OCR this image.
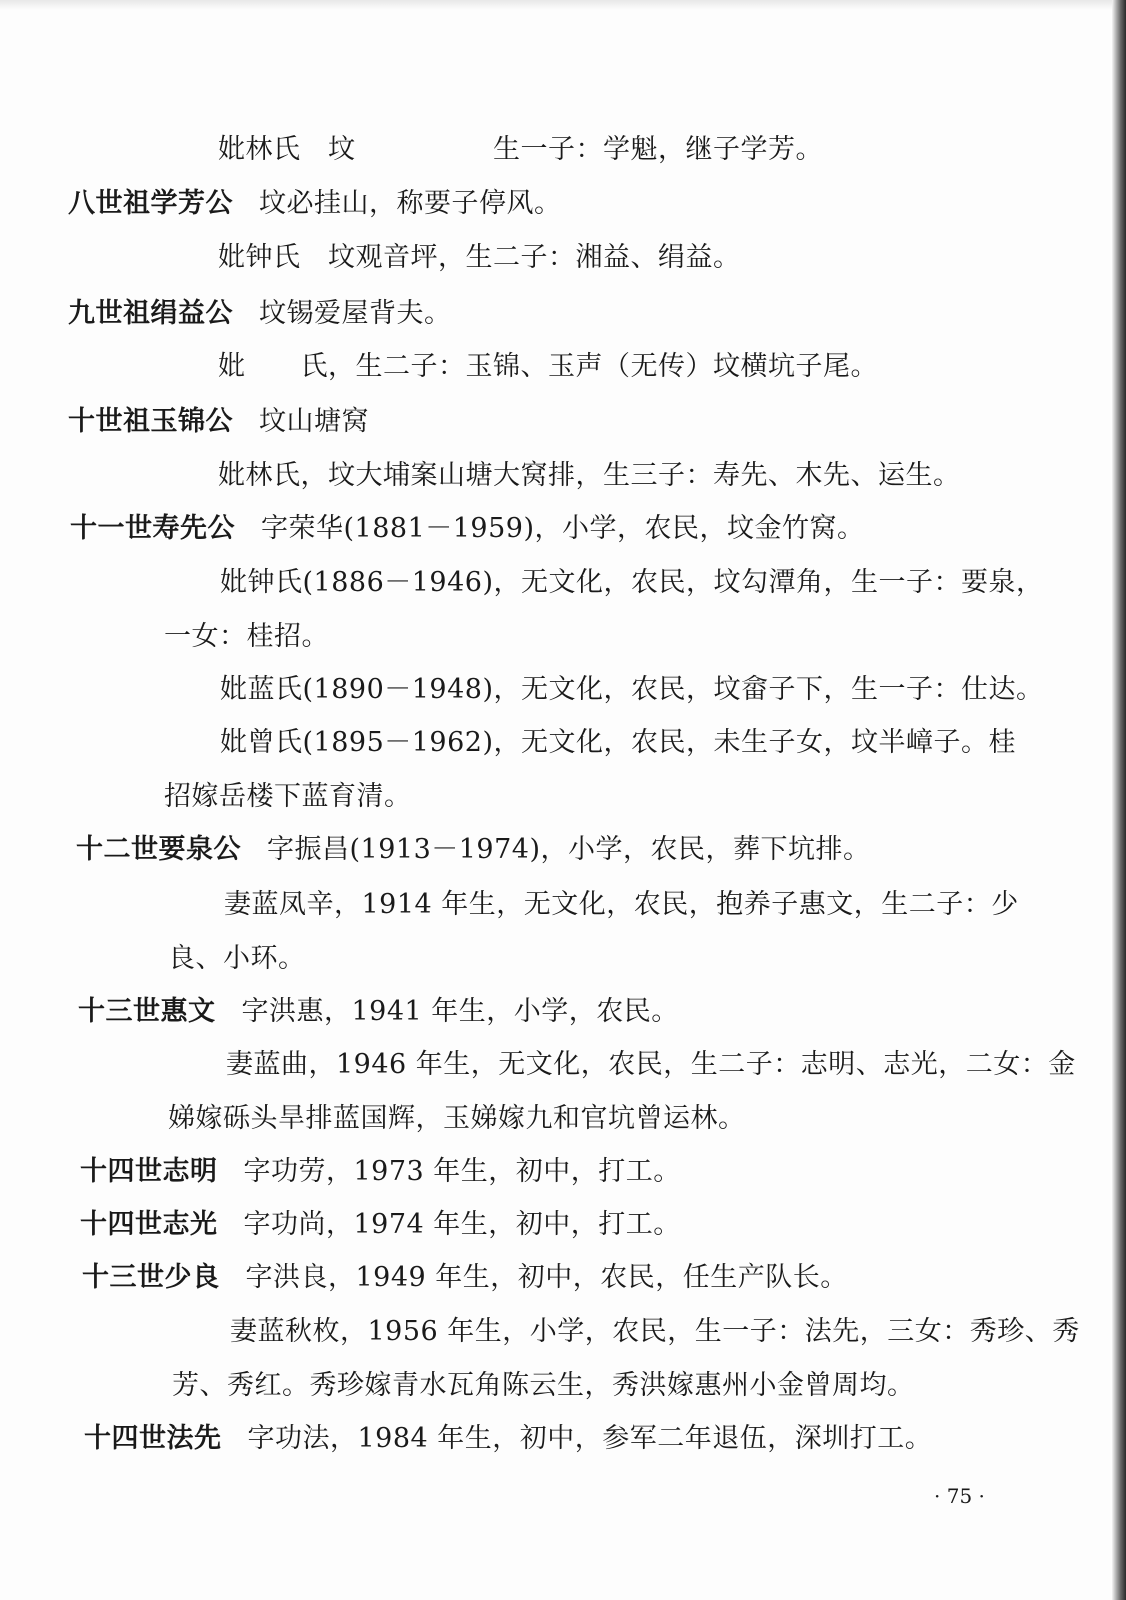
妣林氏　坟　　　　　生一子：学魁，继子学芳。
八世祖学芳公 坟必挂山，称要子停风。
妣钟氏　坟观音坪，生二子：湘益、绢益。
九世祖绢益公 坟锡爱屋背夫。
妣　　氏，生二子：玉锦、玉声（无传）坟横坑子尾。
十世祖玉锦公 坟山塘窝
妣林氏，坟大埔案山塘大窝排，生三子：寿先、木先、运生。
十一世寿先公 字荣华(1881－1959)，小学，农民，坟金竹窝。
妣钟氏(1886－1946)，无文化，农民，坟勾潭角，生一子：要泉，
一女：桂招。
妣蓝氏(1890－1948)，无文化，农民，坟畲子下，生一子：仕达。
妣曾氏(1895－1962)，无文化，农民，未生子女，坟半嶂子。桂
招嫁岳楼下蓝育清。
十二世要泉公 字振昌(1913－1974)，小学，农民，葬下坑排。
妻蓝凤辛，1914 年生，无文化，农民，抱养子惠文，生二子：少
良、小环。
十三世惠文 字洪惠，1941 年生，小学，农民。
妻蓝曲，1946 年生，无文化，农民，生二子：志明、志光，二女：金
娣嫁砾头旱排蓝国辉，玉娣嫁九和官坑曾运林。
十四世志明 字功劳，1973 年生，初中，打工。
十四世志光 字功尚，1974 年生，初中，打工。
十三世少良 字洪良，1949 年生，初中，农民，任生产队长。
妻蓝秋枚，1956 年生，小学，农民，生一子：法先，三女：秀珍、秀
芳、秀红。秀珍嫁青水瓦角陈云生，秀洪嫁惠州小金曾周均。
十四世法先 字功法，1984 年生，初中，参军二年退伍，深圳打工。
· 75 ·
